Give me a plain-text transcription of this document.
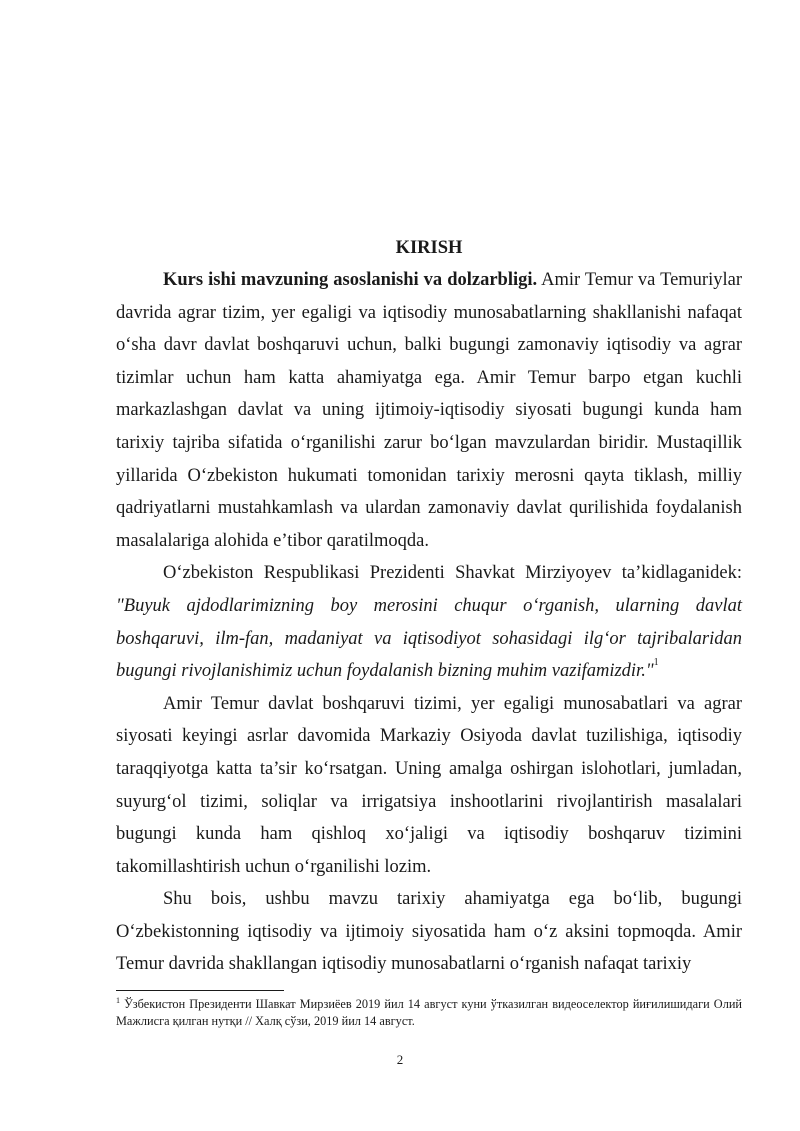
KIRISH

Kurs ishi mavzuning asoslanishi va dolzarbligi. Amir Temur va Temuriylar davrida agrar tizim, yer egaligi va iqtisodiy munosabatlarning shakllanishi nafaqat o‘sha davr davlat boshqaruvi uchun, balki bugungi zamonaviy iqtisodiy va agrar tizimlar uchun ham katta ahamiyatga ega. Amir Temur barpo etgan kuchli markazlashgan davlat va uning ijtimoiy-iqtisodiy siyosati bugungi kunda ham tarixiy tajriba sifatida o‘rganilishi zarur bo‘lgan mavzulardan biridir. Mustaqillik yillarida O‘zbekiston hukumati tomonidan tarixiy merosni qayta tiklash, milliy qadriyatlarni mustahkamlash va ulardan zamonaviy davlat qurilishida foydalanish masalalariga alohida e’tibor qaratilmoqda.

O‘zbekiston Respublikasi Prezidenti Shavkat Mirziyoyev ta’kidlaganidek: "Buyuk ajdodlarimizning boy merosini chuqur o‘rganish, ularning davlat boshqaruvi, ilm-fan, madaniyat va iqtisodiyot sohasidagi ilg‘or tajribalaridan bugungi rivojlanishimiz uchun foydalanish bizning muhim vazifamizdir."$^1$

Amir Temur davlat boshqaruvi tizimi, yer egaligi munosabatlari va agrar siyosati keyingi asrlar davomida Markaziy Osiyoda davlat tuzilishiga, iqtisodiy taraqqiyotga katta ta’sir ko‘rsatgan. Uning amalga oshirgan islohotlari, jumladan, suyurg‘ol tizimi, soliqlar va irrigatsiya inshootlarini rivojlantirish masalalari bugungi kunda ham qishloq xo‘jaligi va iqtisodiy boshqaruv tizimini takomillashtirish uchun o‘rganilishi lozim.

Shu bois, ushbu mavzu tarixiy ahamiyatga ega bo‘lib, bugungi O‘zbekistonning iqtisodiy va ijtimoiy siyosatida ham o‘z aksini topmoqda. Amir Temur davrida shakllangan iqtisodiy munosabatlarni o‘rganish nafaqat tarixiy

$^1$ Ўзбекистон Президенти Шавкат Мирзиёев 2019 йил 14 август куни ўтказилган видеоселектор йиғилишидаги Олий Мажлисга қилган нутқи // Халқ сўзи, 2019 йил 14 август.
2
